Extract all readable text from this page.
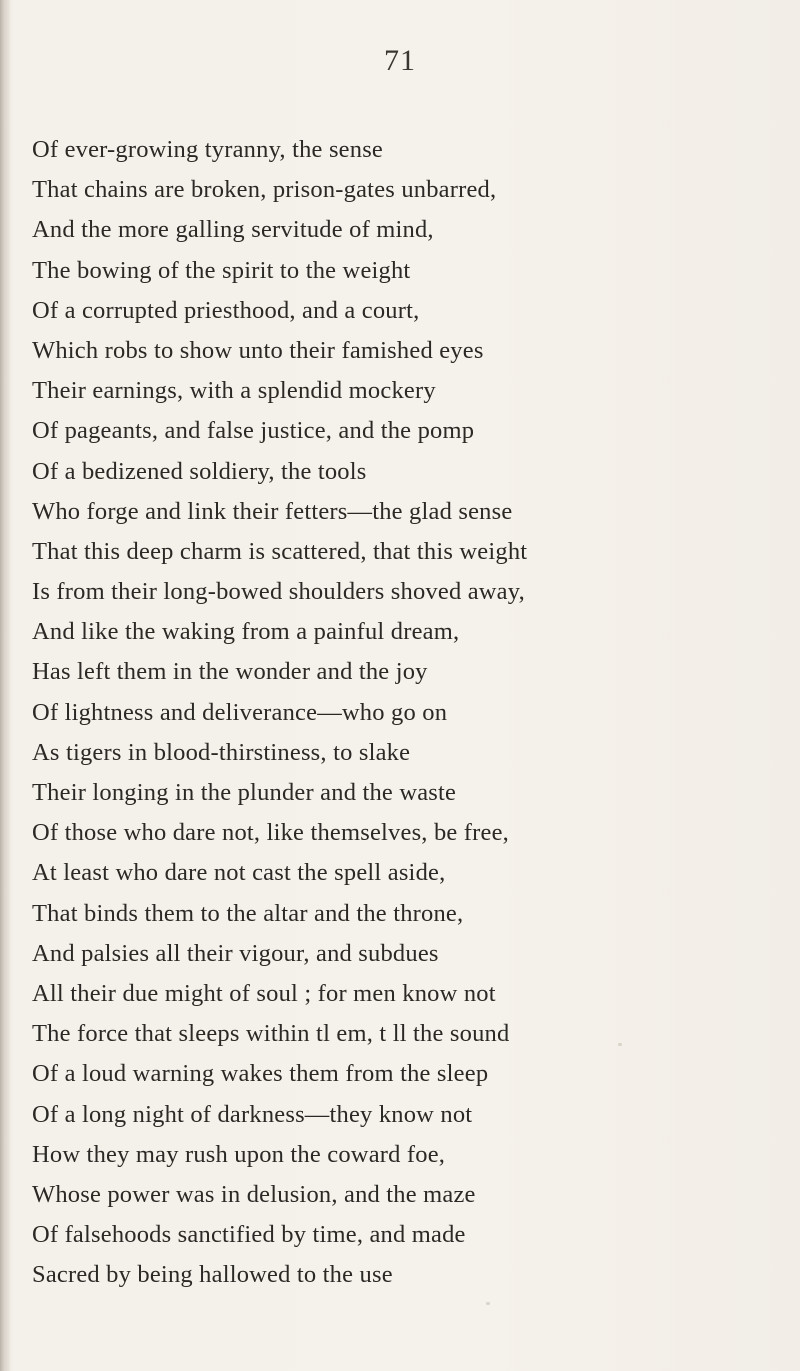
71
Of ever-growing tyranny, the sense
That chains are broken, prison-gates unbarred,
And the more galling servitude of mind,
The bowing of the spirit to the weight
Of a corrupted priesthood, and a court,
Which robs to show unto their famished eyes
Their earnings, with a splendid mockery
Of pageants, and false justice, and the pomp
Of a bedizened soldiery, the tools
Who forge and link their fetters—the glad sense
That this deep charm is scattered, that this weight
Is from their long-bowed shoulders shoved away,
And like the waking from a painful dream,
Has left them in the wonder and the joy
Of lightness and deliverance—who go on
As tigers in blood-thirstiness, to slake
Their longing in the plunder and the waste
Of those who dare not, like themselves, be free,
At least who dare not cast the spell aside,
That binds them to the altar and the throne,
And palsies all their vigour, and subdues
All their due might of soul ; for men know not
The force that sleeps within tl em, t ll the sound
Of a loud warning wakes them from the sleep
Of a long night of darkness—they know not
How they may rush upon the coward foe,
Whose power was in delusion, and the maze
Of falsehoods sanctified by time, and made
Sacred by being hallowed to the use
